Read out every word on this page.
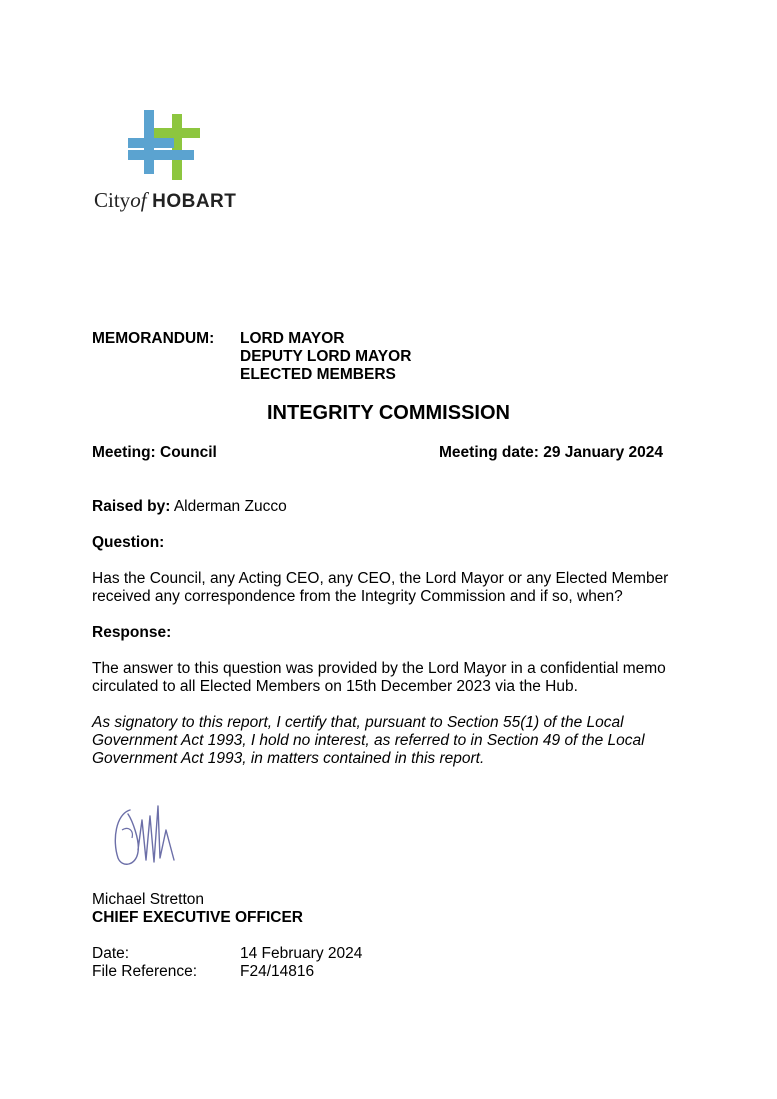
Cityof HOBART
MEMORANDUM: LORD MAYOR
DEPUTY LORD MAYOR
ELECTED MEMBERS
INTEGRITY COMMISSION
Meeting: Council	Meeting date: 29 January 2024
Raised by: Alderman Zucco
Question:
Has the Council, any Acting CEO, any CEO, the Lord Mayor or any Elected Member received any correspondence from the Integrity Commission and if so, when?
Response:
The answer to this question was provided by the Lord Mayor in a confidential memo circulated to all Elected Members on 15th December 2023 via the Hub.
As signatory to this report, I certify that, pursuant to Section 55(1) of the Local Government Act 1993, I hold no interest, as referred to in Section 49 of the Local Government Act 1993, in matters contained in this report.
Michael Stretton
CHIEF EXECUTIVE OFFICER
Date:	14 February 2024
File Reference:	F24/14816
